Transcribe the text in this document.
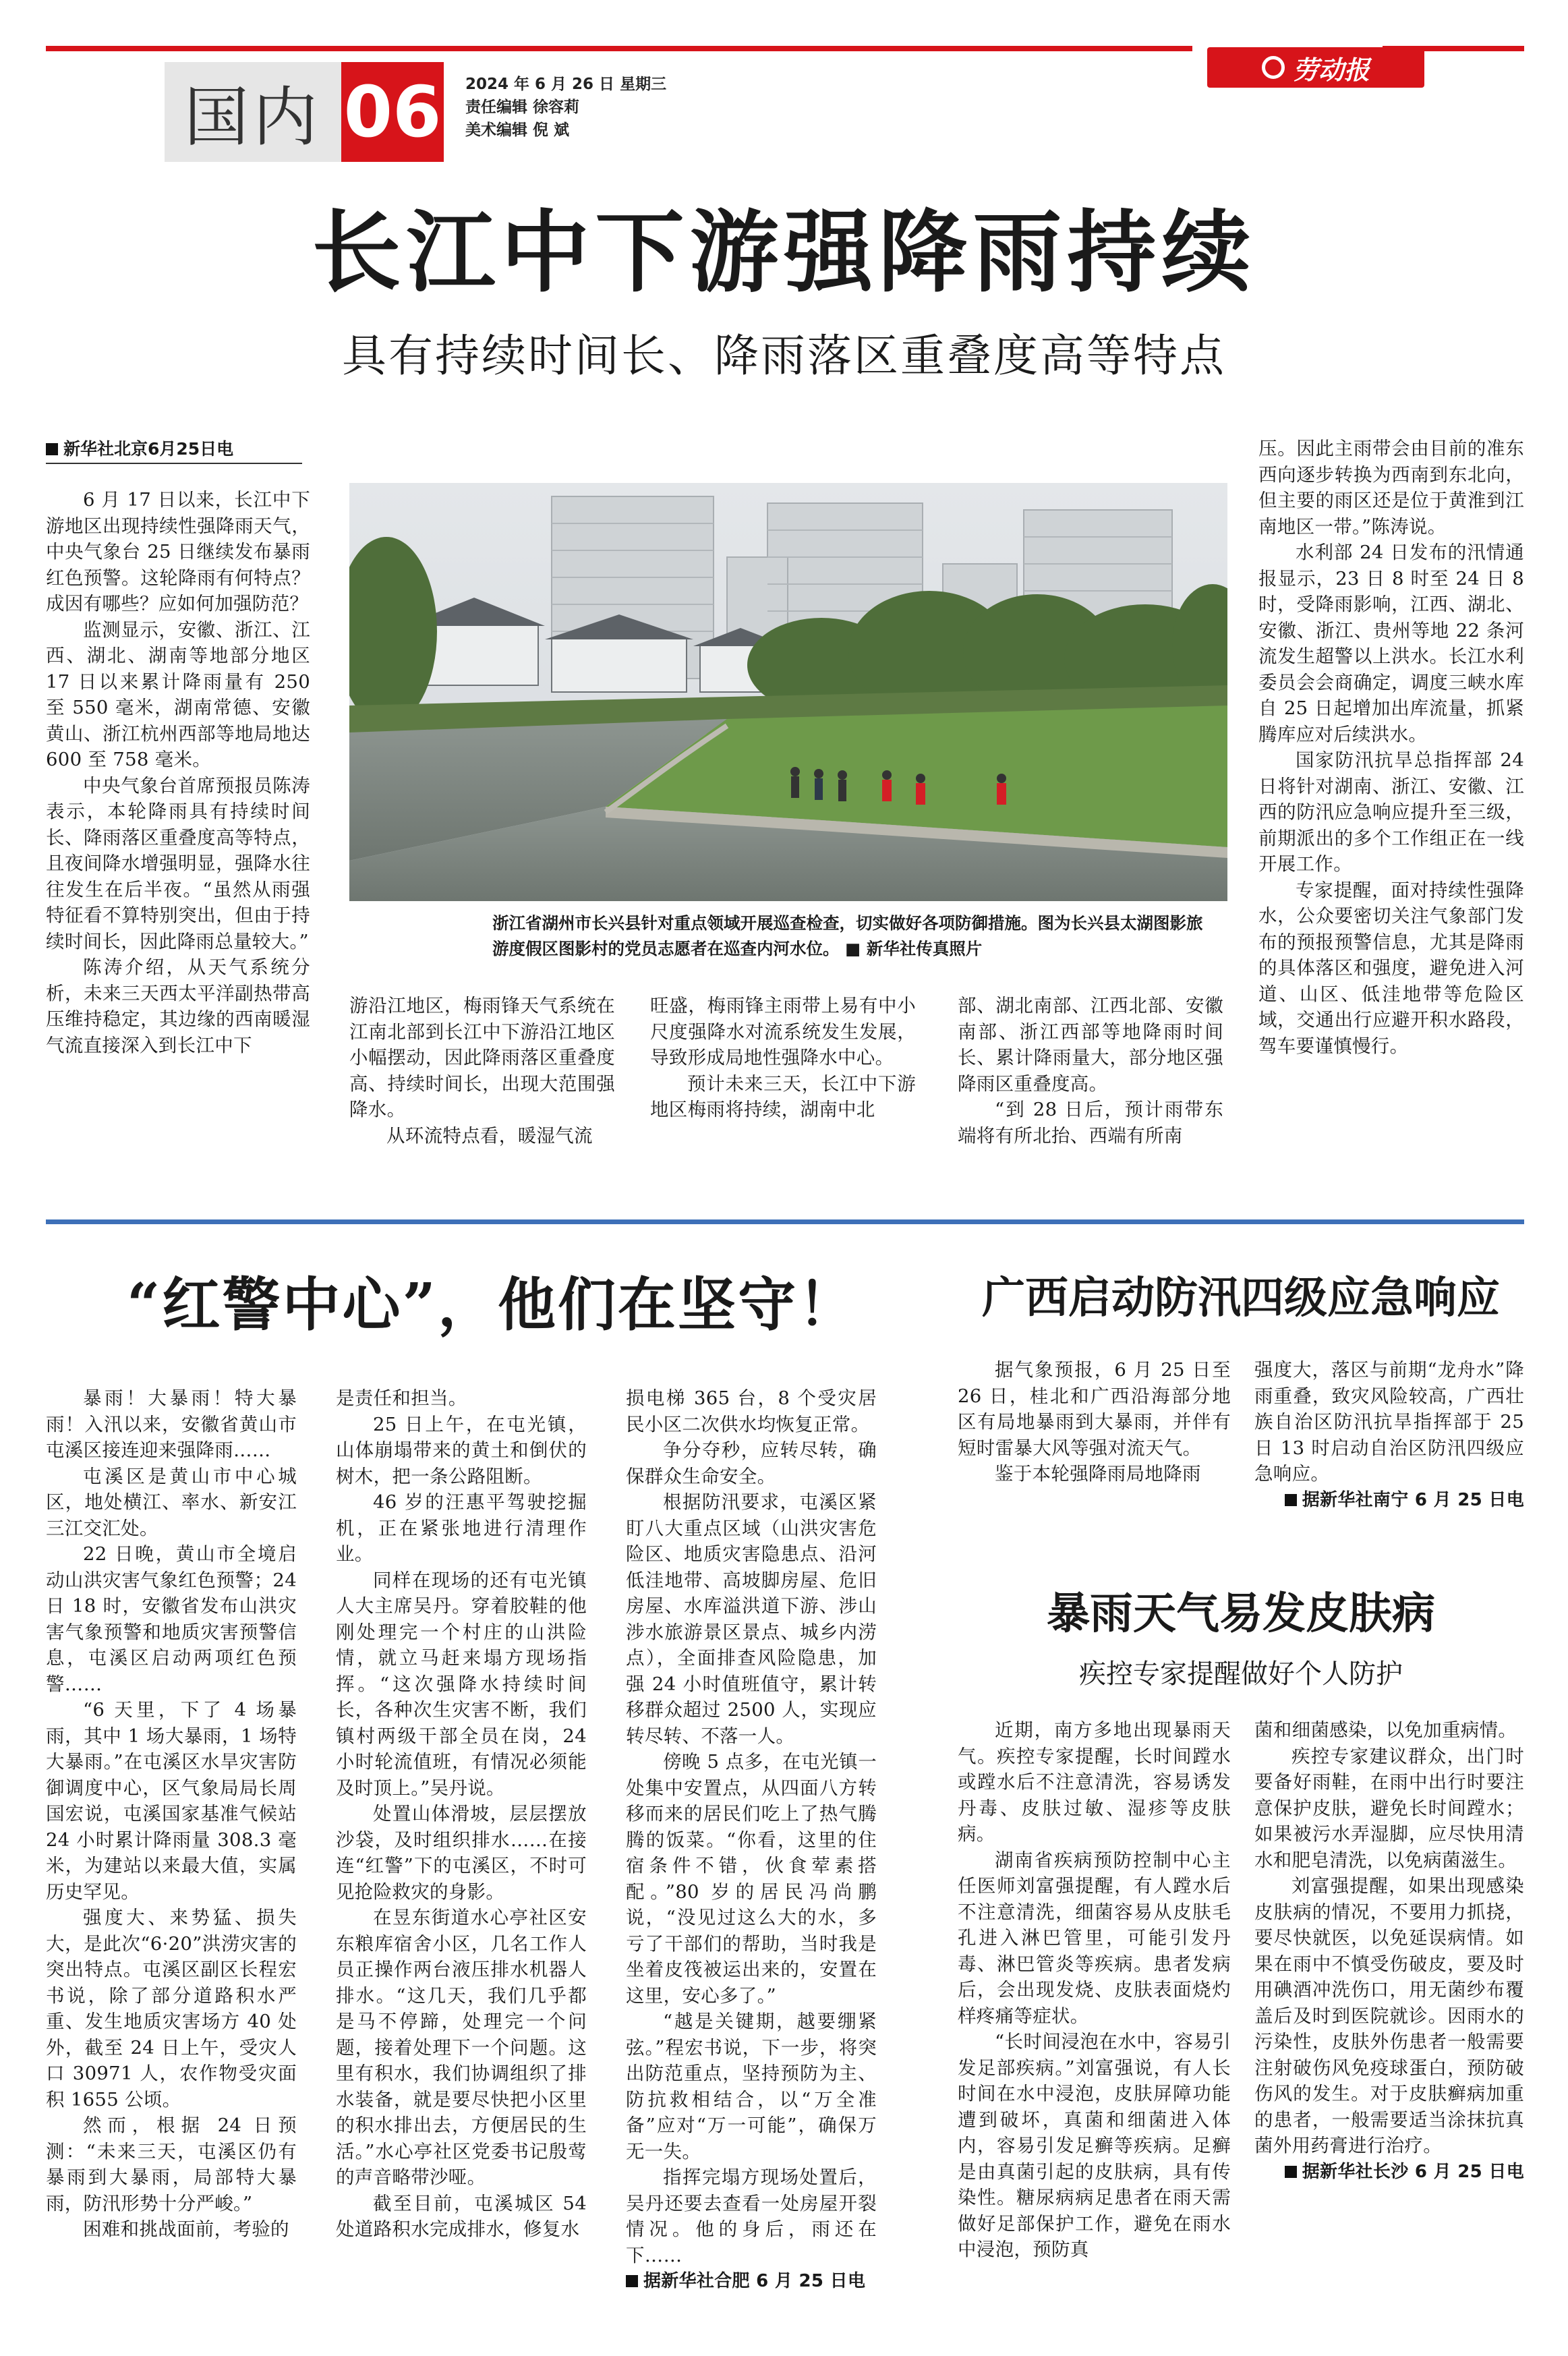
国内 06 2024 年 6 月 26 日 星期三
责任编辑 徐容莉
美术编辑 倪 斌
劳动报
长江中下游强降雨持续
具有持续时间长、降雨落区重叠度高等特点
新华社北京6月25日电

6 月 17 日以来，长江中下游地区出现持续性强降雨天气，中央气象台 25 日继续发布暴雨红色预警。这轮降雨有何特点？成因有哪些？应如何加强防范？

监测显示，安徽、浙江、江西、湖北、湖南等地部分地区 17 日以来累计降雨量有 250 至 550 毫米，湖南常德、安徽黄山、浙江杭州西部等地局地达 600 至 758 毫米。

中央气象台首席预报员陈涛表示，本轮降雨具有持续时间长、降雨落区重叠度高等特点，且夜间降水增强明显，强降水往往发生在后半夜。“虽然从雨强特征看不算特别突出，但由于持续时间长，因此降雨总量较大。”

陈涛介绍，从天气系统分析，未来三天西太平洋副热带高压维持稳定，其边缘的西南暖湿气流直接深入到长江中下

浙江省湖州市长兴县针对重点领域开展巡查检查，切实做好各项防御措施。图为长兴县太湖图影旅游度假区图影村的党员志愿者在巡查内河水位。 ■ 新华社传真照片

游沿江地区，梅雨锋天气系统在江南北部到长江中下游沿江地区小幅摆动，因此降雨落区重叠度高、持续时间长，出现大范围强降水。

从环流特点看，暖湿气流

旺盛，梅雨锋主雨带上易有中小尺度强降水对流系统发生发展，导致形成局地性强降水中心。

预计未来三天，长江中下游地区梅雨将持续，湖南中北

部、湖北南部、江西北部、安徽南部、浙江西部等地降雨时间长、累计降雨量大，部分地区强降雨区重叠度高。

“到 28 日后，预计雨带东端将有所北抬、西端有所南

压。因此主雨带会由目前的准东西向逐步转换为西南到东北向，但主要的雨区还是位于黄淮到江南地区一带。”陈涛说。

水利部 24 日发布的汛情通报显示，23 日 8 时至 24 日 8 时，受降雨影响，江西、湖北、安徽、浙江、贵州等地 22 条河流发生超警以上洪水。长江水利委员会会商确定，调度三峡水库自 25 日起增加出库流量，抓紧腾库应对后续洪水。

国家防汛抗旱总指挥部 24 日将针对湖南、浙江、安徽、江西的防汛应急响应提升至三级，前期派出的多个工作组正在一线开展工作。

专家提醒，面对持续性强降水，公众要密切关注气象部门发布的预报预警信息，尤其是降雨的具体落区和强度，避免进入河道、山区、低洼地带等危险区域，交通出行应避开积水路段，驾车要谨慎慢行。

“红警中心”，他们在坚守！

暴雨！大暴雨！特大暴雨！入汛以来，安徽省黄山市屯溪区接连迎来强降雨……

屯溪区是黄山市中心城区，地处横江、率水、新安江三江交汇处。

22 日晚，黄山市全境启动山洪灾害气象红色预警；24 日 18 时，安徽省发布山洪灾害气象预警和地质灾害预警信息，屯溪区启动两项红色预警……

“6 天里，下了 4 场暴雨，其中 1 场大暴雨，1 场特大暴雨。”在屯溪区水旱灾害防御调度中心，区气象局局长周国宏说，屯溪国家基准气候站 24 小时累计降雨量 308.3 毫米，为建站以来最大值，实属历史罕见。

强度大、来势猛、损失大，是此次“6·20”洪涝灾害的突出特点。屯溪区副区长程宏书说，除了部分道路积水严重、发生地质灾害场方 40 处外，截至 24 日上午，受灾人口 30971 人，农作物受灾面积 1655 公顷。

然而，根据 24 日预测：“未来三天，屯溪区仍有暴雨到大暴雨，局部特大暴雨，防汛形势十分严峻。”

困难和挑战面前，考验的

是责任和担当。

25 日上午，在屯光镇，山体崩塌带来的黄土和倒伏的树木，把一条公路阻断。

46 岁的汪惠平驾驶挖掘机，正在紧张地进行清理作业。

同样在现场的还有屯光镇人大主席吴丹。穿着胶鞋的他刚处理完一个村庄的山洪险情，就立马赶来塌方现场指挥。“这次强降水持续时间长，各种次生灾害不断，我们镇村两级干部全员在岗，24 小时轮流值班，有情况必须能及时顶上。”吴丹说。

处置山体滑坡，层层摆放沙袋，及时组织排水……在接连“红警”下的屯溪区，不时可见抢险救灾的身影。

在昱东街道水心亭社区安东粮库宿舍小区，几名工作人员正操作两台液压排水机器人排水。“这几天，我们几乎都是马不停蹄，处理完一个问题，接着处理下一个问题。这里有积水，我们协调组织了排水装备，就是要尽快把小区里的积水排出去，方便居民的生活。”水心亭社区党委书记殷莺的声音略带沙哑。

截至目前，屯溪城区 54 处道路积水完成排水，修复水

损电梯 365 台，8 个受灾居民小区二次供水均恢复正常。

争分夺秒，应转尽转，确保群众生命安全。

根据防汛要求，屯溪区紧盯八大重点区域（山洪灾害危险区、地质灾害隐患点、沿河低洼地带、高坡脚房屋、危旧房屋、水库溢洪道下游、涉山涉水旅游景区景点、城乡内涝点），全面排查风险隐患，加强 24 小时值班值守，累计转移群众超过 2500 人，实现应转尽转、不落一人。

傍晚 5 点多，在屯光镇一处集中安置点，从四面八方转移而来的居民们吃上了热气腾腾的饭菜。“你看，这里的住宿条件不错，伙食荤素搭配。”80 岁的居民冯尚鹏说，“没见过这么大的水，多亏了干部们的帮助，当时我是坐着皮筏被运出来的，安置在这里，安心多了。”

“越是关键期，越要绷紧弦。”程宏书说，下一步，将突出防范重点，坚持预防为主、防抗救相结合，以“万全准备”应对“万一可能”，确保万无一失。

指挥完塌方现场处置后，吴丹还要去查看一处房屋开裂情况。他的身后，雨还在下……

据新华社合肥 6 月 25 日电
广西启动防汛四级应急响应

据气象预报，6 月 25 日至 26 日，桂北和广西沿海部分地区有局地暴雨到大暴雨，并伴有短时雷暴大风等强对流天气。

鉴于本轮强降雨局地降雨

强度大，落区与前期“龙舟水”降雨重叠，致灾风险较高，广西壮族自治区防汛抗旱指挥部于 25 日 13 时启动自治区防汛四级应急响应。

据新华社南宁 6 月 25 日电
暴雨天气易发皮肤病
疾控专家提醒做好个人防护

近期，南方多地出现暴雨天气。疾控专家提醒，长时间蹚水或蹚水后不注意清洗，容易诱发丹毒、皮肤过敏、湿疹等皮肤病。

湖南省疾病预防控制中心主任医师刘富强提醒，有人蹚水后不注意清洗，细菌容易从皮肤毛孔进入淋巴管里，可能引发丹毒、淋巴管炎等疾病。患者发病后，会出现发烧、皮肤表面烧灼样疼痛等症状。

“长时间浸泡在水中，容易引发足部疾病。”刘富强说，有人长时间在水中浸泡，皮肤屏障功能遭到破坏，真菌和细菌进入体内，容易引发足癣等疾病。足癣是由真菌引起的皮肤病，具有传染性。糖尿病病足患者在雨天需做好足部保护工作，避免在雨水中浸泡，预防真

菌和细菌感染，以免加重病情。

疾控专家建议群众，出门时要备好雨鞋，在雨中出行时要注意保护皮肤，避免长时间蹚水；如果被污水弄湿脚，应尽快用清水和肥皂清洗，以免病菌滋生。

刘富强提醒，如果出现感染皮肤病的情况，不要用力抓挠，要尽快就医，以免延误病情。如果在雨中不慎受伤破皮，要及时用碘酒冲洗伤口，用无菌纱布覆盖后及时到医院就诊。因雨水的污染性，皮肤外伤患者一般需要注射破伤风免疫球蛋白，预防破伤风的发生。对于皮肤癣病加重的患者，一般需要适当涂抹抗真菌外用药膏进行治疗。

据新华社长沙 6 月 25 日电
